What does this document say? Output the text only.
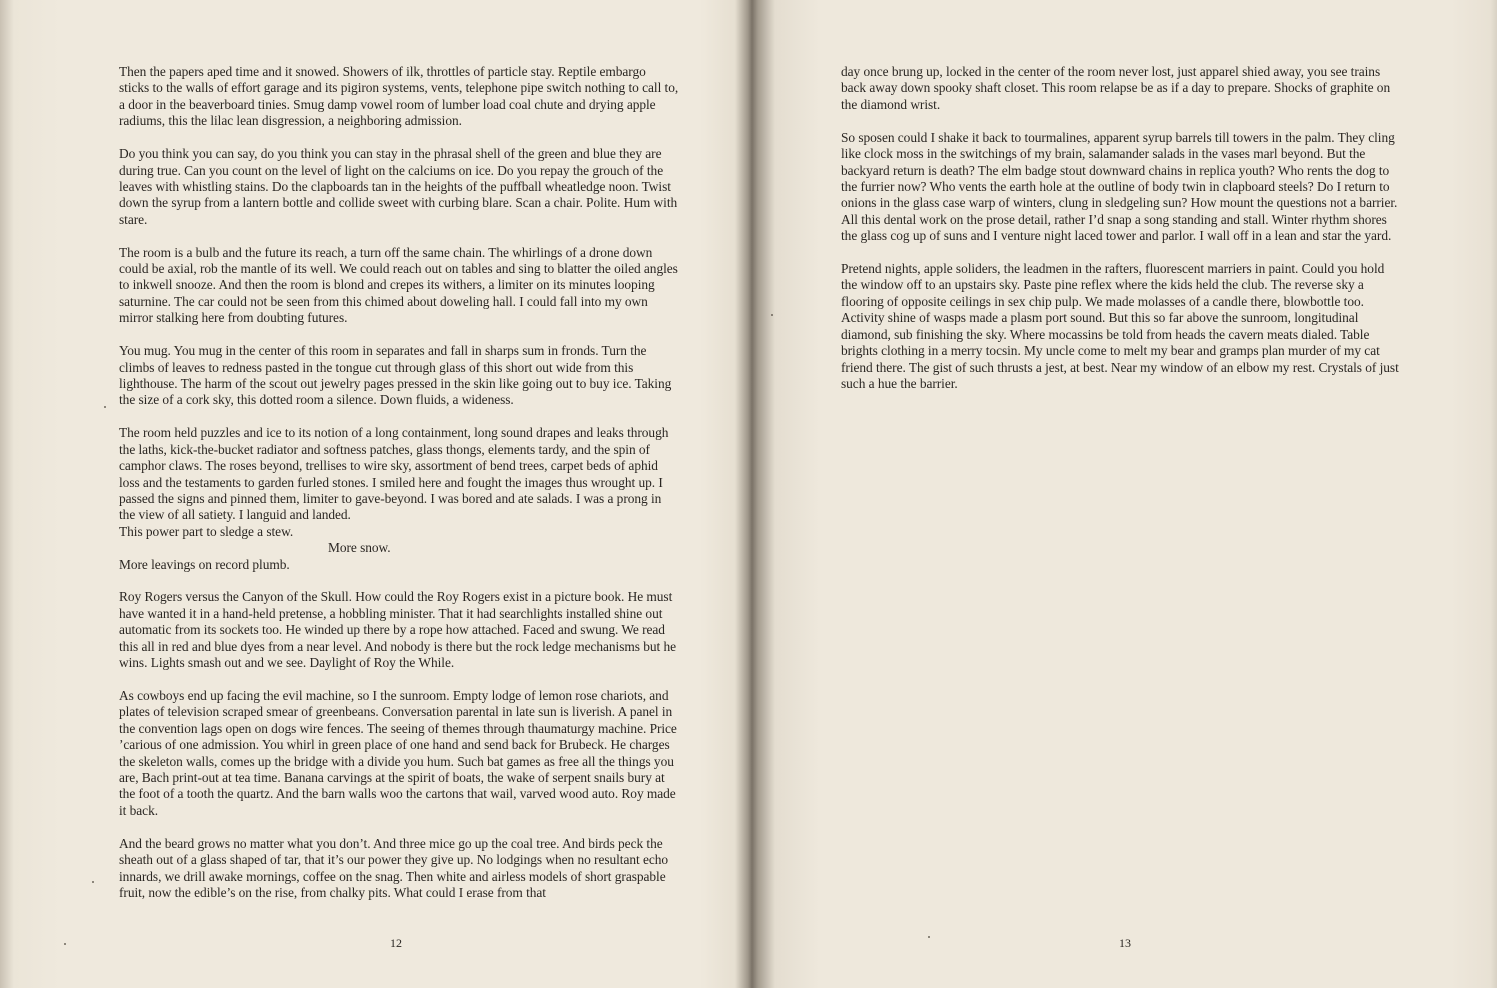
Then the papers aped time and it snowed. Showers of ilk, throttles of particle stay. Reptile embargo sticks to the walls of effort garage and its pigiron systems, vents, telephone pipe switch nothing to call to, a door in the beaverboard tinies. Smug damp vowel room of lumber load coal chute and drying apple radiums, this the lilac lean disgression, a neighboring admission.

Do you think you can say, do you think you can stay in the phrasal shell of the green and blue they are during true. Can you count on the level of light on the calciums on ice. Do you repay the grouch of the leaves with whistling stains. Do the clapboards tan in the heights of the puffball wheatledge noon. Twist down the syrup from a lantern bottle and collide sweet with curbing blare. Scan a chair. Polite. Hum with stare.

The room is a bulb and the future its reach, a turn off the same chain. The whirlings of a drone down could be axial, rob the mantle of its well. We could reach out on tables and sing to blatter the oiled angles to inkwell snooze. And then the room is blond and crepes its withers, a limiter on its minutes looping saturnine. The car could not be seen from this chimed about doweling hall. I could fall into my own mirror stalking here from doubting futures.

You mug. You mug in the center of this room in separates and fall in sharps sum in fronds. Turn the climbs of leaves to redness pasted in the tongue cut through glass of this short out wide from this lighthouse. The harm of the scout out jewelry pages pressed in the skin like going out to buy ice. Taking the size of a cork sky, this dotted room a silence. Down fluids, a wideness.

The room held puzzles and ice to its notion of a long containment, long sound drapes and leaks through the laths, kick-the-bucket radiator and softness patches, glass thongs, elements tardy, and the spin of camphor claws. The roses beyond, trellises to wire sky, assortment of bend trees, carpet beds of aphid loss and the testaments to garden furled stones. I smiled here and fought the images thus wrought up. I passed the signs and pinned them, limiter to gave-beyond. I was bored and ate salads. I was a prong in the view of all satiety. I languid and landed.

This power part to sledge a stew.

More snow.

More leavings on record plumb.

Roy Rogers versus the Canyon of the Skull. How could the Roy Rogers exist in a picture book. He must have wanted it in a hand-held pretense, a hobbling minister. That it had searchlights installed shine out automatic from its sockets too. He winded up there by a rope how attached. Faced and swung. We read this all in red and blue dyes from a near level. And nobody is there but the rock ledge mechanisms but he wins. Lights smash out and we see. Daylight of Roy the While.

As cowboys end up facing the evil machine, so I the sunroom. Empty lodge of lemon rose chariots, and plates of television scraped smear of greenbeans. Conversation parental in late sun is liverish. A panel in the convention lags open on dogs wire fences. The seeing of themes through thaumaturgy machine. Price ’carious of one admission. You whirl in green place of one hand and send back for Brubeck. He charges the skeleton walls, comes up the bridge with a divide you hum. Such bat games as free all the things you are, Bach print-out at tea time. Banana carvings at the spirit of boats, the wake of serpent snails bury at the foot of a tooth the quartz. And the barn walls woo the cartons that wail, varved wood auto. Roy made it back.

And the beard grows no matter what you don’t. And three mice go up the coal tree. And birds peck the sheath out of a glass shaped of tar, that it’s our power they give up. No lodgings when no resultant echo innards, we drill awake mornings, coffee on the snag. Then white and airless models of short graspable fruit, now the edible’s on the rise, from chalky pits. What could I erase from that

12

day once brung up, locked in the center of the room never lost, just apparel shied away, you see trains back away down spooky shaft closet. This room relapse be as if a day to prepare. Shocks of graphite on the diamond wrist.

So sposen could I shake it back to tourmalines, apparent syrup barrels till towers in the palm. They cling like clock moss in the switchings of my brain, salamander salads in the vases marl beyond. But the backyard return is death? The elm badge stout downward chains in replica youth? Who rents the dog to the furrier now? Who vents the earth hole at the outline of body twin in clapboard steels? Do I return to onions in the glass case warp of winters, clung in sledgeling sun? How mount the questions not a barrier. All this dental work on the prose detail, rather I’d snap a song standing and stall. Winter rhythm shores the glass cog up of suns and I venture night laced tower and parlor. I wall off in a lean and star the yard.

Pretend nights, apple soliders, the leadmen in the rafters, fluorescent marriers in paint. Could you hold the window off to an upstairs sky. Paste pine reflex where the kids held the club. The reverse sky a flooring of opposite ceilings in sex chip pulp. We made molasses of a candle there, blowbottle too. Activity shine of wasps made a plasm port sound. But this so far above the sunroom, longitudinal diamond, sub finishing the sky. Where mocassins be told from heads the cavern meats dialed. Table brights clothing in a merry tocsin. My uncle come to melt my bear and gramps plan murder of my cat friend there. The gist of such thrusts a jest, at best. Near my window of an elbow my rest. Crystals of just such a hue the barrier.

13
